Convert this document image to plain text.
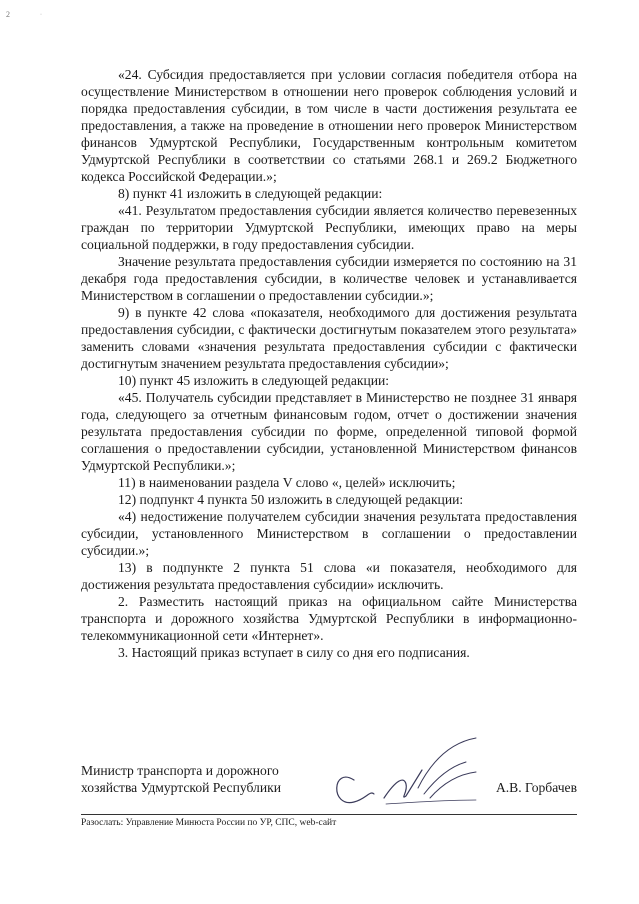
2	·

«24. Субсидия предоставляется при условии согласия победителя отбора на осуществление Министерством в отношении него проверок соблюдения условий и порядка предоставления субсидии, в том числе в части достижения результата ее предоставления, а также на проведение в отношении него проверок Министерством финансов Удмуртской Республики, Государственным контрольным комитетом Удмуртской Республики в соответствии со статьями 268.1 и 269.2 Бюджетного кодекса Российской Федерации.»;

8) пункт 41 изложить в следующей редакции:

«41. Результатом предоставления субсидии является количество перевезенных граждан по территории Удмуртской Республики, имеющих право на меры социальной поддержки, в году предоставления субсидии.

Значение результата предоставления субсидии измеряется по состоянию на 31 декабря года предоставления субсидии, в количестве человек и устанавливается Министерством в соглашении о предоставлении субсидии.»;

9) в пункте 42 слова «показателя, необходимого для достижения результата предоставления субсидии, с фактически достигнутым показателем этого результата» заменить словами «значения результата предоставления субсидии с фактически достигнутым значением результата предоставления субсидии»;

10) пункт 45 изложить в следующей редакции:

«45. Получатель субсидии представляет в Министерство не позднее 31 января года, следующего за отчетным финансовым годом, отчет о достижении значения результата предоставления субсидии по форме, определенной типовой формой соглашения о предоставлении субсидии, установленной Министерством финансов Удмуртской Республики.»;

11) в наименовании раздела V слово «, целей» исключить;

12) подпункт 4 пункта 50 изложить в следующей редакции:

«4) недостижение получателем субсидии значения результата предоставления субсидии, установленного Министерством в соглашении о предоставлении субсидии.»;

13) в подпункте 2 пункта 51 слова «и показателя, необходимого для достижения результата предоставления субсидии» исключить.

2. Разместить настоящий приказ на официальном сайте Министерства транспорта и дорожного хозяйства Удмуртской Республики в информационно-телекоммуникационной сети «Интернет».

3. Настоящий приказ вступает в силу со дня его подписания.

Министр транспорта и дорожного
хозяйства Удмуртской Республики	А.В. Горбачев
Разослать: Управление Минюста России по УР, СПС, web-сайт
